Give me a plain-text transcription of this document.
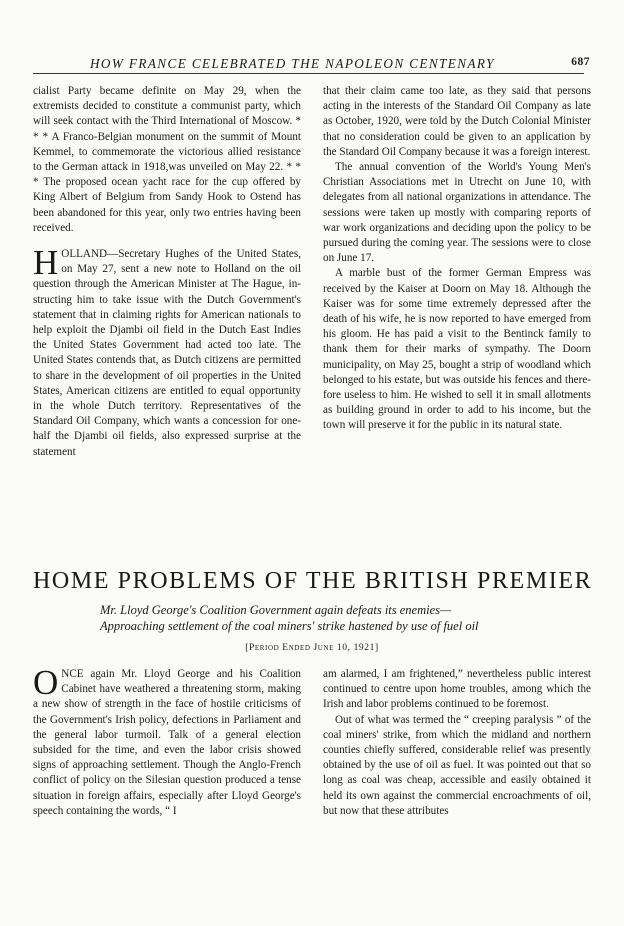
HOW FRANCE CELEBRATED THE NAPOLEON CENTENARY	687

cialist Party became definite on May 29, when the extremists decided to constitute a communist party, which will seek contact with the Third International of Moscow. * * * A Franco-Belgian monument on the summit of Mount Kemmel, to commemorate the victorious allied resistance to the German attack in 1918,was unveiled on May 22. * * * The proposed ocean yacht race for the cup offered by King Albert of Belgium from Sandy Hook to Ostend has been abandoned for this year, only two entries having been received.

HOLLAND—Secretary Hughes of the United States, on May 27, sent a new note to Holland on the oil question through the American Minister at The Hague, instructing him to take issue with the Dutch Government's statement that in claiming rights for American nationals to help exploit the Djambi oil field in the Dutch East Indies the United States Government had acted too late. The United States contends that, as Dutch citizens are permitted to share in the development of oil properties in the United States, American citizens are entitled to equal opportunity in the whole Dutch territory. Representatives of the Standard Oil Company, which wants a concession for one-half the Djambi oil fields, also expressed surprise at the statement

that their claim came too late, as they said that persons acting in the interests of the Standard Oil Company as late as October, 1920, were told by the Dutch Colonial Minister that no consideration could be given to an application by the Standard Oil Company because it was a foreign interest.

The annual convention of the World's Young Men's Christian Associations met in Utrecht on June 10, with delegates from all national organizations in attendance. The sessions were taken up mostly with comparing reports of war work organizations and deciding upon the policy to be pursued during the coming year. The sessions were to close on June 17.

A marble bust of the former German Empress was received by the Kaiser at Doorn on May 18. Although the Kaiser was for some time extremely depressed after the death of his wife, he is now reported to have emerged from his gloom. He has paid a visit to the Bentinck family to thank them for their marks of sympathy. The Doorn municipality, on May 25, bought a strip of woodland which belonged to his estate, but was outside his fences and therefore useless to him. He wished to sell it in small allotments as building ground in order to add to his income, but the town will preserve it for the public in its natural state.

HOME PROBLEMS OF THE BRITISH PREMIER
Mr. Lloyd George's Coalition Government again defeats its enemies—
Approaching settlement of the coal miners' strike hastened by use of fuel oil
[Period Ended June 10, 1921]

ONCE again Mr. Lloyd George and his Coalition Cabinet have weathered a threatening storm, making a new show of strength in the face of hostile criticisms of the Government's Irish policy, defections in Parliament and the general labor turmoil. Talk of a general election subsided for the time, and even the labor crisis showed signs of approaching settlement. Though the Anglo-French conflict of policy on the Silesian question produced a tense situation in foreign affairs, especially after Lloyd George's speech containing the words, “ I

am alarmed, I am frightened,” nevertheless public interest continued to centre upon home troubles, among which the Irish and labor problems continued to be foremost.

Out of what was termed the “ creeping paralysis ” of the coal miners' strike, from which the midland and northern counties chiefly suffered, considerable relief was presently obtained by the use of oil as fuel. It was pointed out that so long as coal was cheap, accessible and easily obtained it held its own against the commercial encroachments of oil, but now that these attributes
